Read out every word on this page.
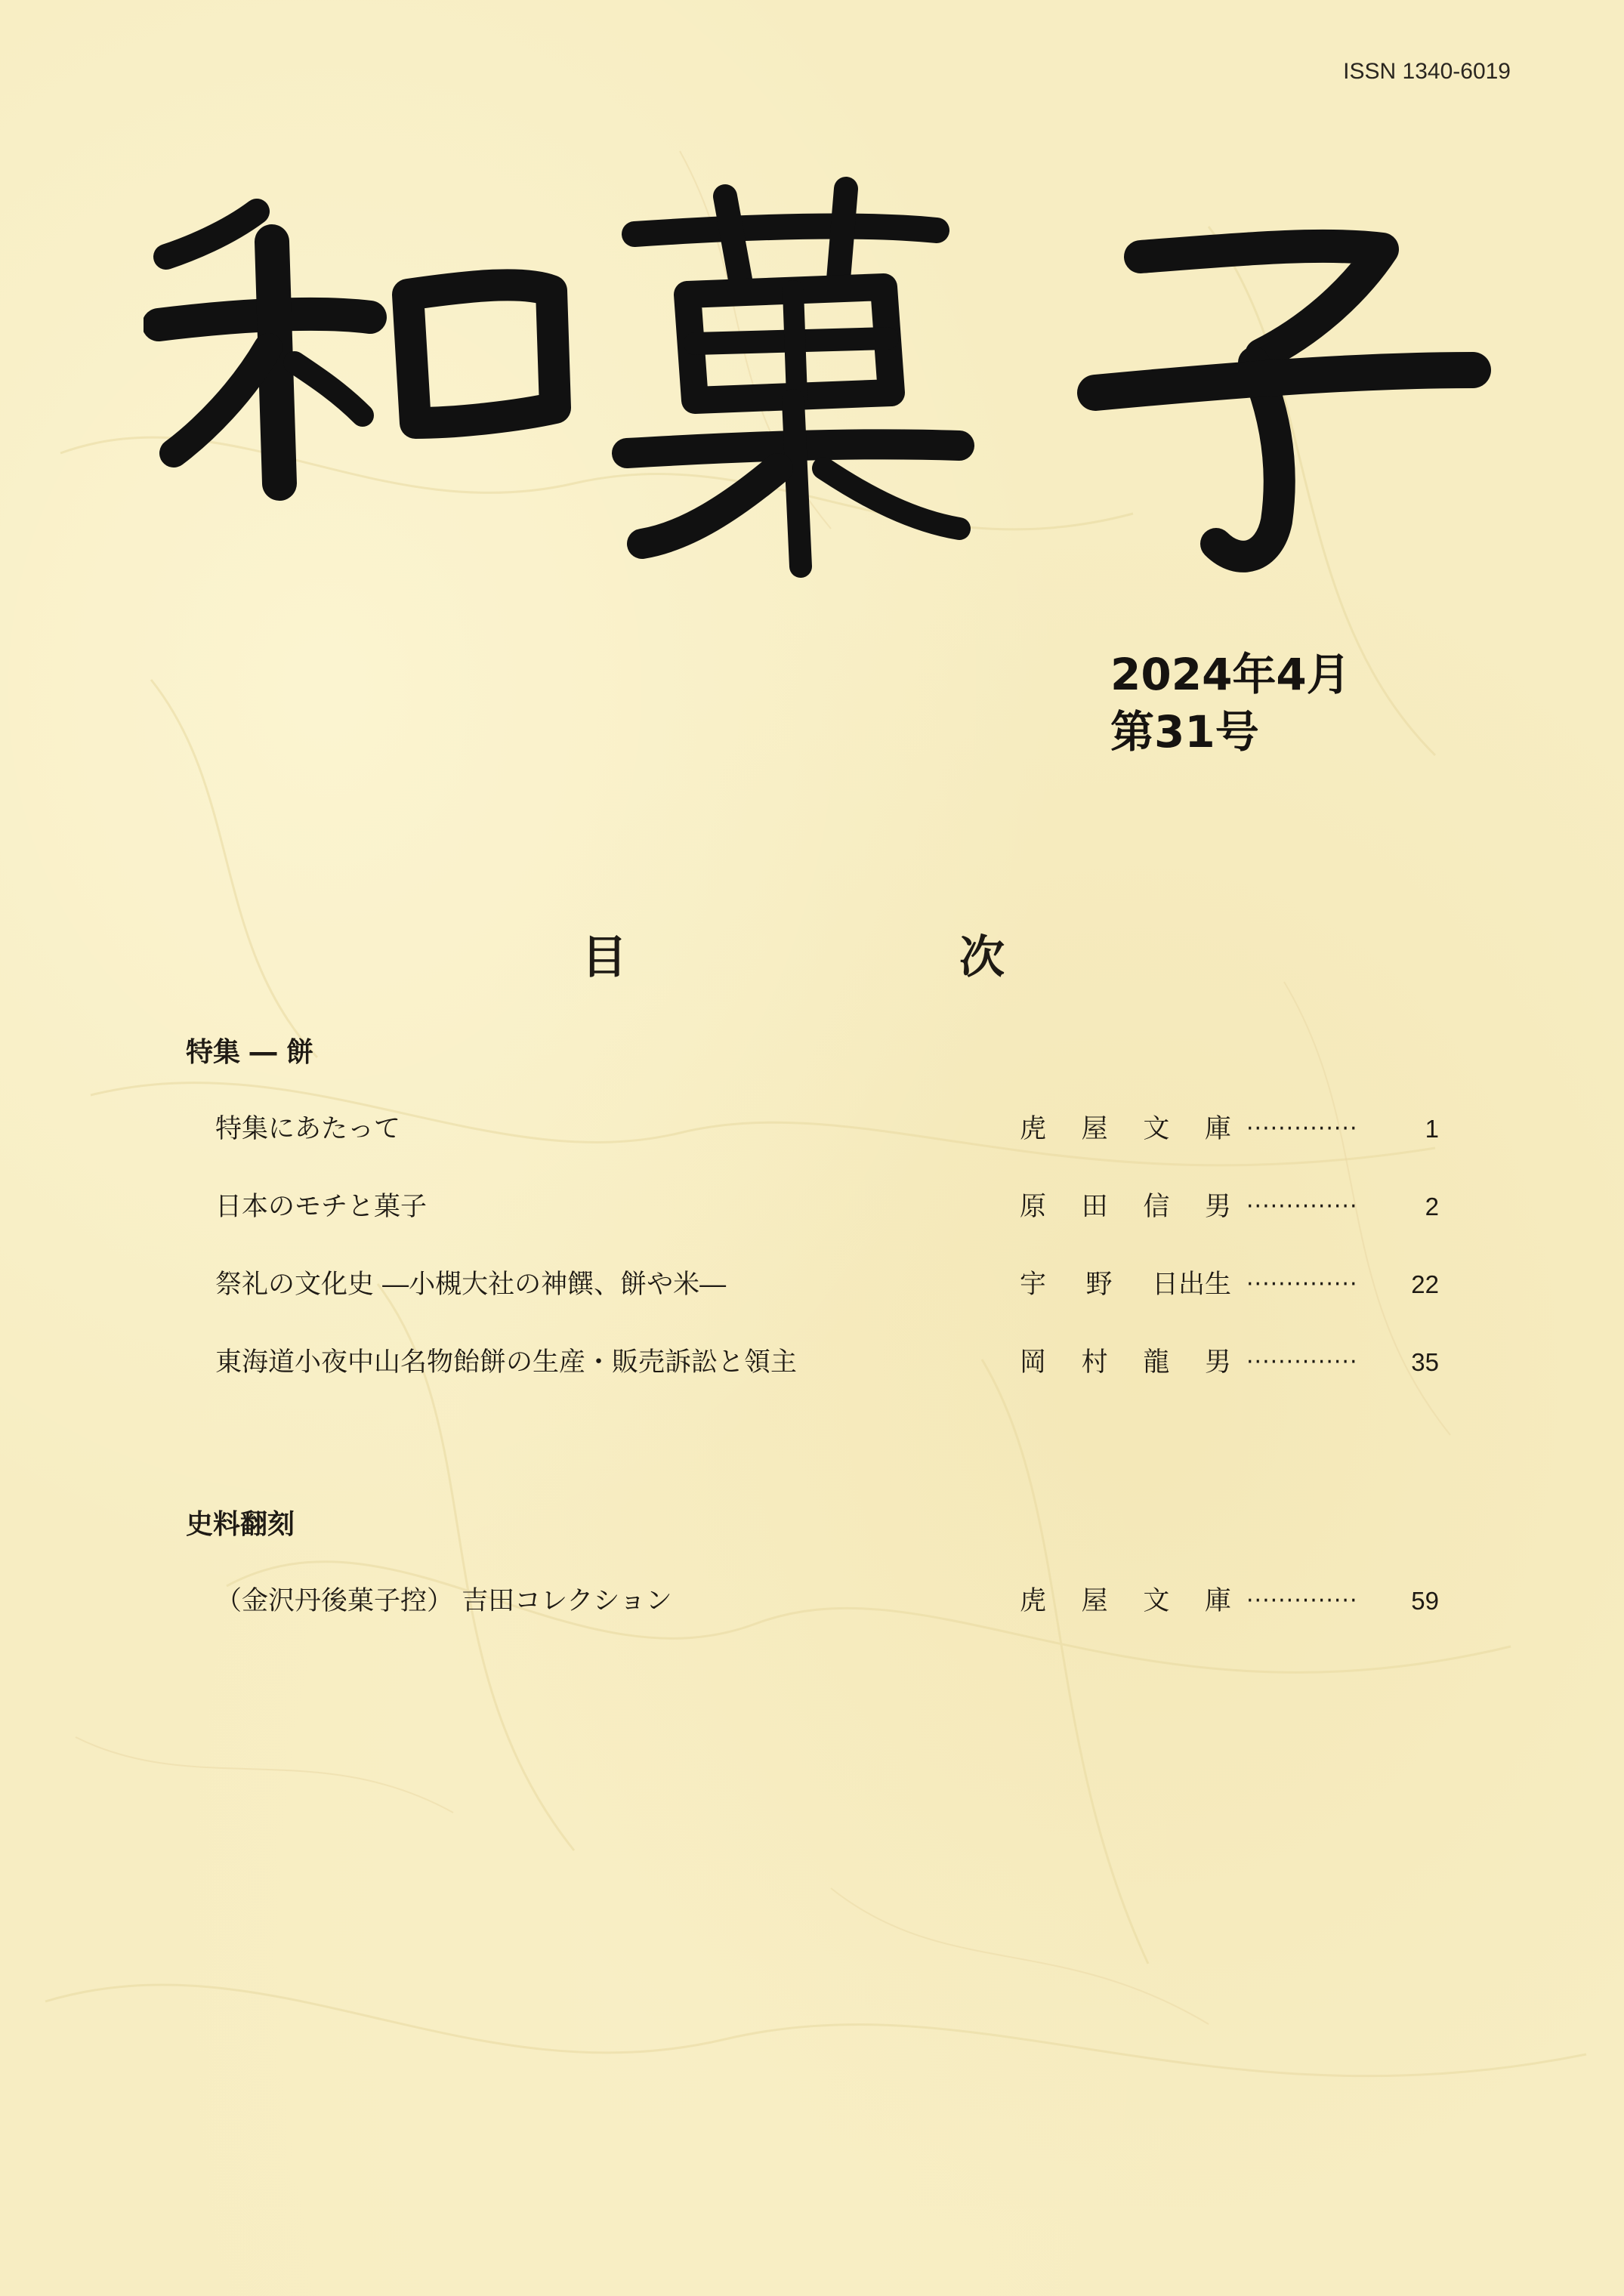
ISSN 1340-6019
2024年4月
第31号
目	次
特集 ― 餅
特集にあたって	虎 屋 文 庫 ··············	1
日本のモチと菓子	原 田 信 男 ··············	2
祭礼の文化史 ―小槻大社の神饌、餅や米―	宇 野 日出生 ··············	22
東海道小夜中山名物飴餅の生産・販売訴訟と領主	岡 村 龍 男 ··············	35
史料翻刻
（金沢丹後菓子控） 吉田コレクション	虎 屋 文 庫 ··············	59
